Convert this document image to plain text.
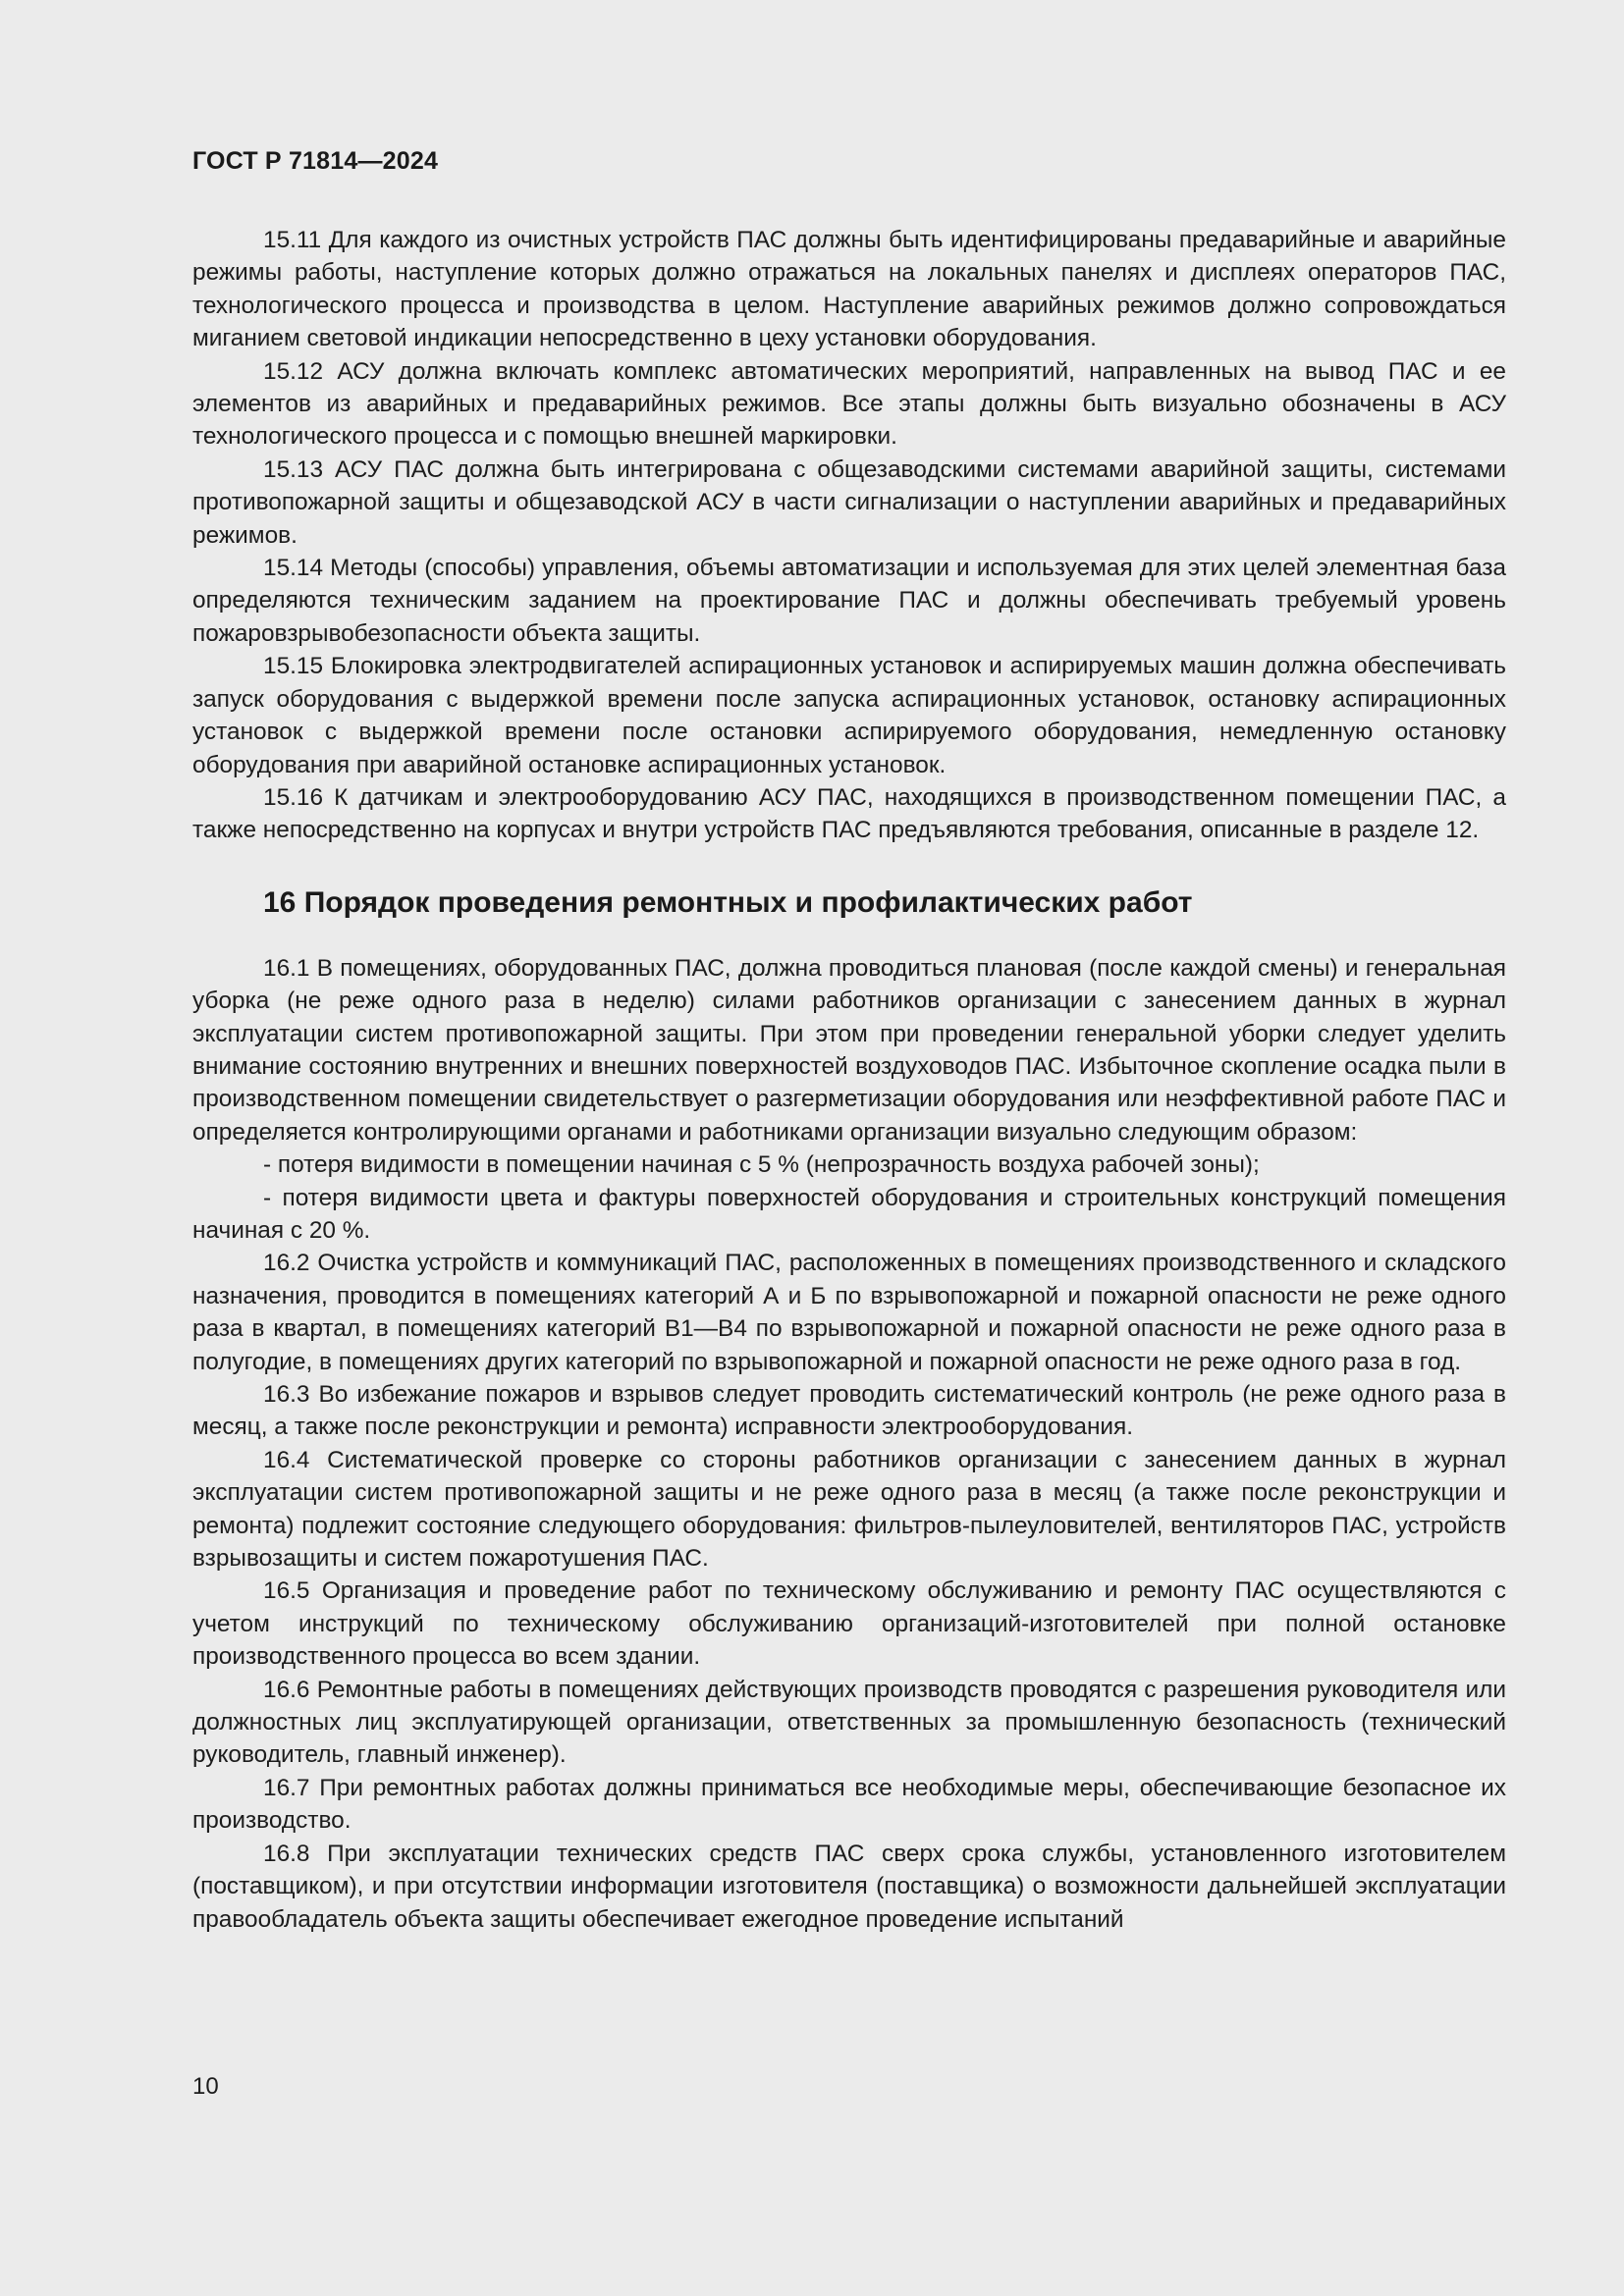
ГОСТ Р 71814—2024

15.11 Для каждого из очистных устройств ПАС должны быть идентифицированы предаварийные и аварийные режимы работы, наступление которых должно отражаться на локальных панелях и дисплеях операторов ПАС, технологического процесса и производства в целом. Наступление аварийных режимов должно сопровождаться миганием световой индикации непосредственно в цеху установки оборудования.

15.12 АСУ должна включать комплекс автоматических мероприятий, направленных на вывод ПАС и ее элементов из аварийных и предаварийных режимов. Все этапы должны быть визуально обозначены в АСУ технологического процесса и с помощью внешней маркировки.

15.13 АСУ ПАС должна быть интегрирована с общезаводскими системами аварийной защиты, системами противопожарной защиты и общезаводской АСУ в части сигнализации о наступлении аварийных и предаварийных режимов.

15.14 Методы (способы) управления, объемы автоматизации и используемая для этих целей элементная база определяются техническим заданием на проектирование ПАС и должны обеспечивать требуемый уровень пожаровзрывобезопасности объекта защиты.

15.15 Блокировка электродвигателей аспирационных установок и аспирируемых машин должна обеспечивать запуск оборудования с выдержкой времени после запуска аспирационных установок, остановку аспирационных установок с выдержкой времени после остановки аспирируемого оборудования, немедленную остановку оборудования при аварийной остановке аспирационных установок.

15.16 К датчикам и электрооборудованию АСУ ПАС, находящихся в производственном помещении ПАС, а также непосредственно на корпусах и внутри устройств ПАС предъявляются требования, описанные в разделе 12.

16 Порядок проведения ремонтных и профилактических работ

16.1 В помещениях, оборудованных ПАС, должна проводиться плановая (после каждой смены) и генеральная уборка (не реже одного раза в неделю) силами работников организации с занесением данных в журнал эксплуатации систем противопожарной защиты. При этом при проведении генеральной уборки следует уделить внимание состоянию внутренних и внешних поверхностей воздуховодов ПАС. Избыточное скопление осадка пыли в производственном помещении свидетельствует о разгерметизации оборудования или неэффективной работе ПАС и определяется контролирующими органами и работниками организации визуально следующим образом:

- потеря видимости в помещении начиная с 5 % (непрозрачность воздуха рабочей зоны);

- потеря видимости цвета и фактуры поверхностей оборудования и строительных конструкций помещения начиная с 20 %.

16.2 Очистка устройств и коммуникаций ПАС, расположенных в помещениях производственного и складского назначения, проводится в помещениях категорий А и Б по взрывопожарной и пожарной опасности не реже одного раза в квартал, в помещениях категорий В1—В4 по взрывопожарной и пожарной опасности не реже одного раза в полугодие, в помещениях других категорий по взрывопожарной и пожарной опасности не реже одного раза в год.

16.3 Во избежание пожаров и взрывов следует проводить систематический контроль (не реже одного раза в месяц, а также после реконструкции и ремонта) исправности электрооборудования.

16.4 Систематической проверке со стороны работников организации с занесением данных в журнал эксплуатации систем противопожарной защиты и не реже одного раза в месяц (а также после реконструкции и ремонта) подлежит состояние следующего оборудования: фильтров-пылеуловителей, вентиляторов ПАС, устройств взрывозащиты и систем пожаротушения ПАС.

16.5 Организация и проведение работ по техническому обслуживанию и ремонту ПАС осуществляются с учетом инструкций по техническому обслуживанию организаций-изготовителей при полной остановке производственного процесса во всем здании.

16.6 Ремонтные работы в помещениях действующих производств проводятся с разрешения руководителя или должностных лиц эксплуатирующей организации, ответственных за промышленную безопасность (технический руководитель, главный инженер).

16.7 При ремонтных работах должны приниматься все необходимые меры, обеспечивающие безопасное их производство.

16.8 При эксплуатации технических средств ПАС сверх срока службы, установленного изготовителем (поставщиком), и при отсутствии информации изготовителя (поставщика) о возможности дальнейшей эксплуатации правообладатель объекта защиты обеспечивает ежегодное проведение испытаний

10
